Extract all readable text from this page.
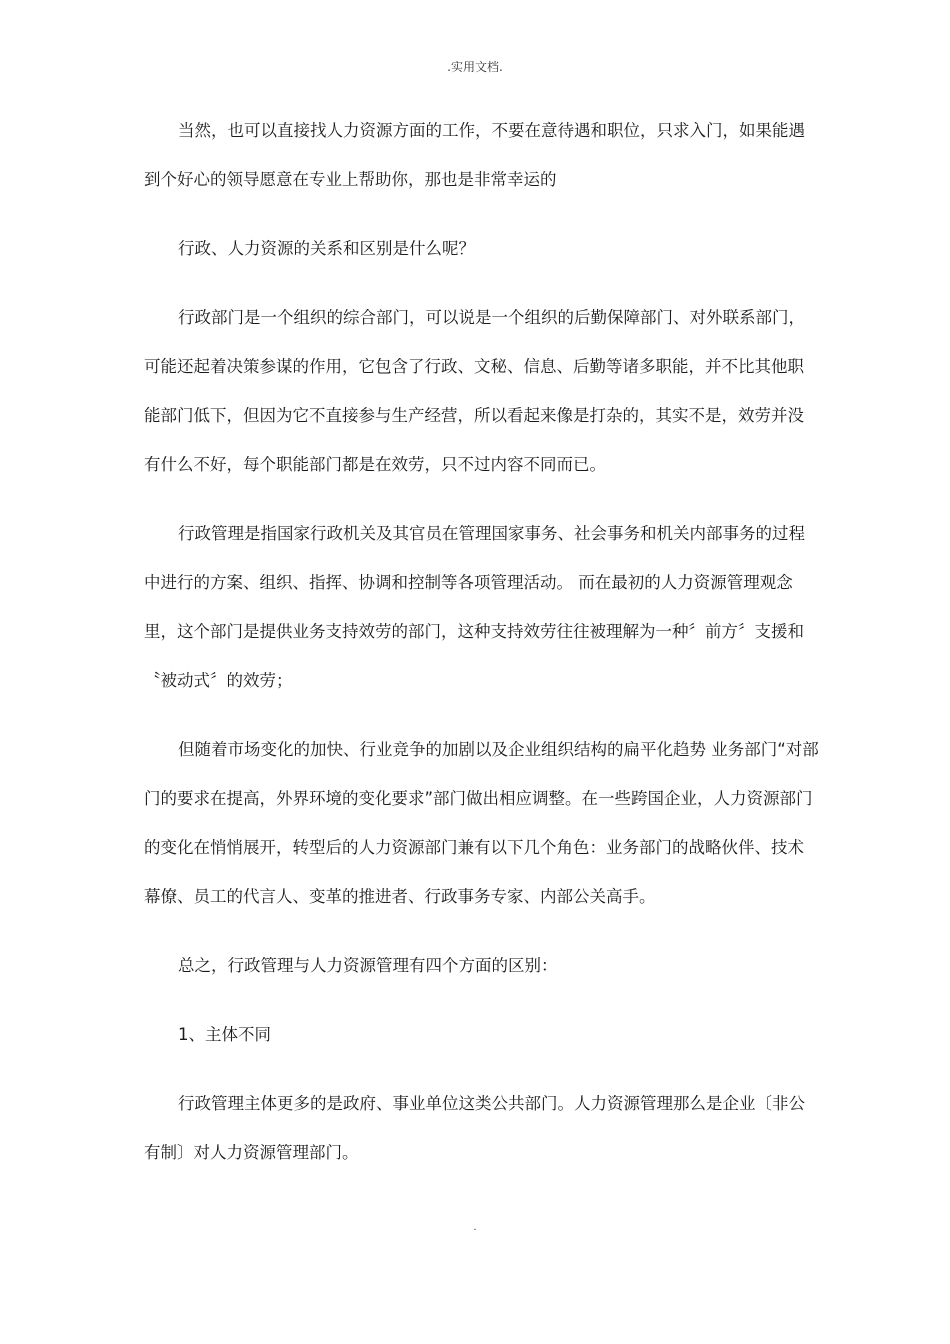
.实用文档.

当然，也可以直接找人力资源方面的工作，不要在意待遇和职位，只求入门，如果能遇到个好心的领导愿意在专业上帮助你，那也是非常幸运的

行政、人力资源的关系和区别是什么呢？

行政部门是一个组织的综合部门，可以说是一个组织的后勤保障部门、对外联系部门，可能还起着决策参谋的作用，它包含了行政、文秘、信息、后勤等诸多职能，并不比其他职能部门低下，但因为它不直接参与生产经营，所以看起来像是打杂的，其实不是，效劳并没有什么不好，每个职能部门都是在效劳，只不过内容不同而已。

行政管理是指国家行政机关及其官员在管理国家事务、社会事务和机关内部事务的过程中进行的方案、组织、指挥、协调和控制等各项管理活动。 而在最初的人力资源管理观念里，这个部门是提供业务支持效劳的部门，这种支持效劳往往被理解为一种〞前方〞支援和〝被动式〞的效劳；

但随着市场变化的加快、行业竞争的加剧以及企业组织结构的扁平化趋势 业务部门“对部门的要求在提高，外界环境的变化要求”部门做出相应调整。在一些跨国企业，人力资源部门的变化在悄悄展开，转型后的人力资源部门兼有以下几个角色：业务部门的战略伙伴、技术幕僚、员工的代言人、变革的推进者、行政事务专家、内部公关高手。

总之，行政管理与人力资源管理有四个方面的区别：

1、主体不同

行政管理主体更多的是政府、事业单位这类公共部门。人力资源管理那么是企业〔非公有制〕对人力资源管理部门。

.
